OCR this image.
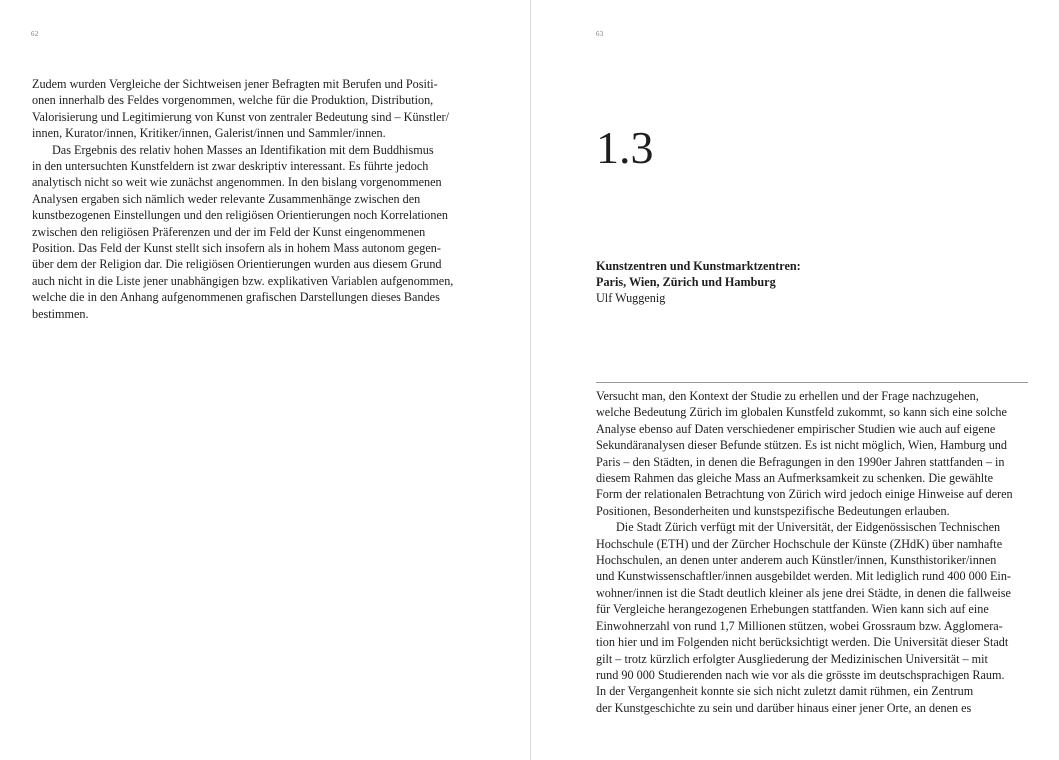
62

Zudem wurden Vergleiche der Sichtweisen jener Befragten mit Berufen und Positi-

onen innerhalb des Feldes vorgenommen, welche für die Produktion, Distribution,

Valorisierung und Legitimierung von Kunst von zentraler Bedeutung sind – Künstler/

innen, Kurator/innen, Kritiker/innen, Galerist/innen und Sammler/innen.

Das Ergebnis des relativ hohen Masses an Identifikation mit dem Buddhismus

in den untersuchten Kunstfeldern ist zwar deskriptiv interessant. Es führte jedoch

analytisch nicht so weit wie zunächst angenommen. In den bislang vorgenommenen

Analysen ergaben sich nämlich weder relevante Zusammenhänge zwischen den

kunstbezogenen Einstellungen und den religiösen Orientierungen noch Korrelationen

zwischen den religiösen Präferenzen und der im Feld der Kunst eingenommenen

Position. Das Feld der Kunst stellt sich insofern als in hohem Mass autonom gegen-

über dem der Religion dar. Die religiösen Orientierungen wurden aus diesem Grund

auch nicht in die Liste jener unabhängigen bzw. explikativen Variablen aufgenommen,

welche die in den Anhang aufgenommenen grafischen Darstellungen dieses Bandes

bestimmen.

63
1.3
Kunstzentren und Kunstmarktzentren:
Paris, Wien, Zürich und Hamburg

Ulf Wuggenig

Versucht man, den Kontext der Studie zu erhellen und der Frage nachzugehen,

welche Bedeutung Zürich im globalen Kunstfeld zukommt, so kann sich eine solche

Analyse ebenso auf Daten verschiedener empirischer Studien wie auch auf eigene

Sekundäranalysen dieser Befunde stützen. Es ist nicht möglich, Wien, Hamburg und

Paris – den Städten, in denen die Befragungen in den 1990er Jahren stattfanden – in

diesem Rahmen das gleiche Mass an Aufmerksamkeit zu schenken. Die gewählte

Form der relationalen Betrachtung von Zürich wird jedoch einige Hinweise auf deren

Positionen, Besonderheiten und kunstspezifische Bedeutungen erlauben.

Die Stadt Zürich verfügt mit der Universität, der Eidgenössischen Technischen

Hochschule (ETH) und der Zürcher Hochschule der Künste (ZHdK) über namhafte

Hochschulen, an denen unter anderem auch Künstler/innen, Kunsthistoriker/innen

und Kunstwissenschaftler/innen ausgebildet werden. Mit lediglich rund 400 000 Ein-

wohner/innen ist die Stadt deutlich kleiner als jene drei Städte, in denen die fallweise

für Vergleiche herangezogenen Erhebungen stattfanden. Wien kann sich auf eine

Einwohnerzahl von rund 1,7 Millionen stützen, wobei Grossraum bzw. Agglomera-

tion hier und im Folgenden nicht berücksichtigt werden. Die Universität dieser Stadt

gilt – trotz kürzlich erfolgter Ausgliederung der Medizinischen Universität – mit

rund 90 000 Studierenden nach wie vor als die grösste im deutschsprachigen Raum.

In der Vergangenheit konnte sie sich nicht zuletzt damit rühmen, ein Zentrum

der Kunstgeschichte zu sein und darüber hinaus einer jener Orte, an denen es
